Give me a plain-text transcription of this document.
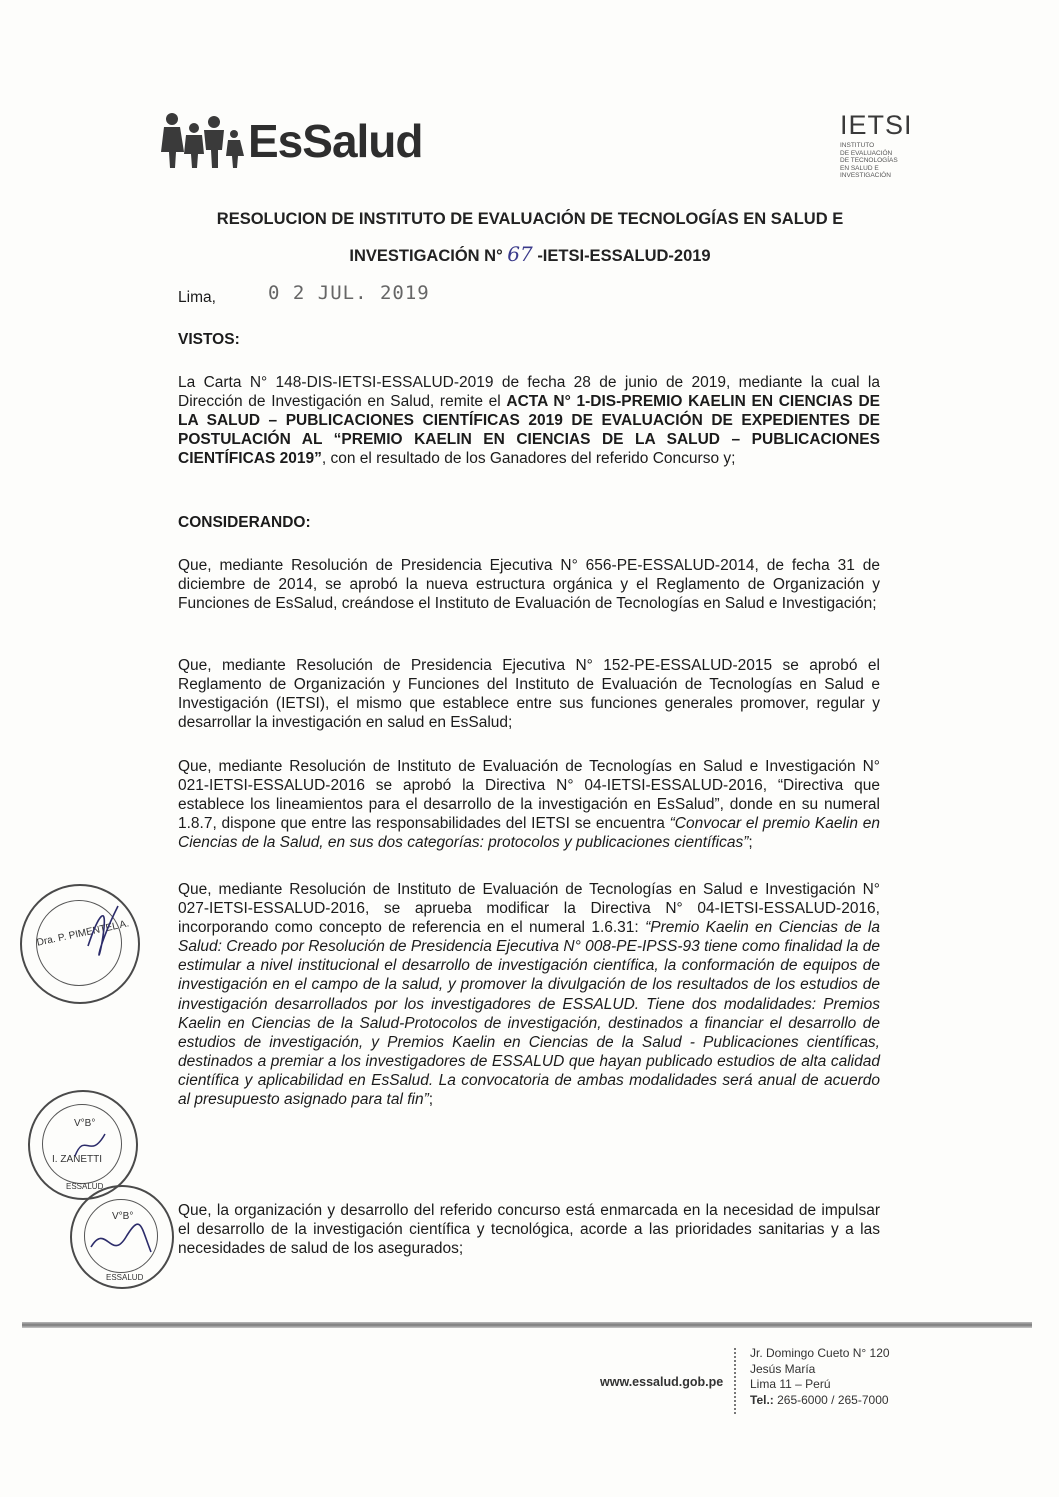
EsSalud	IETSI
INSTITUTO
DE EVALUACIÓN
DE TECNOLOGÍAS
EN SALUD E
INVESTIGACIÓN
RESOLUCION DE INSTITUTO DE EVALUACIÓN DE TECNOLOGÍAS EN SALUD E
INVESTIGACIÓN N° 67 -IETSI-ESSALUD-2019
Lima,	0 2 JUL. 2019
VISTOS:
La Carta N° 148-DIS-IETSI-ESSALUD-2019 de fecha 28 de junio de 2019, mediante la cual la Dirección de Investigación en Salud, remite el ACTA N° 1-DIS-PREMIO KAELIN EN CIENCIAS DE LA SALUD – PUBLICACIONES CIENTÍFICAS 2019 DE EVALUACIÓN DE EXPEDIENTES DE POSTULACIÓN AL “PREMIO KAELIN EN CIENCIAS DE LA SALUD – PUBLICACIONES CIENTÍFICAS 2019”, con el resultado de los Ganadores del referido Concurso y;
CONSIDERANDO:
Que, mediante Resolución de Presidencia Ejecutiva N° 656-PE-ESSALUD-2014, de fecha 31 de diciembre de 2014, se aprobó la nueva estructura orgánica y el Reglamento de Organización y Funciones de EsSalud, creándose el Instituto de Evaluación de Tecnologías en Salud e Investigación;
Que, mediante Resolución de Presidencia Ejecutiva N° 152-PE-ESSALUD-2015 se aprobó el Reglamento de Organización y Funciones del Instituto de Evaluación de Tecnologías en Salud e Investigación (IETSI), el mismo que establece entre sus funciones generales promover, regular y desarrollar la investigación en salud en EsSalud;
Que, mediante Resolución de Instituto de Evaluación de Tecnologías en Salud e Investigación N° 021-IETSI-ESSALUD-2016 se aprobó la Directiva N° 04-IETSI-ESSALUD-2016, “Directiva que establece los lineamientos para el desarrollo de la investigación en EsSalud”, donde en su numeral 1.8.7, dispone que entre las responsabilidades del IETSI se encuentra “Convocar el premio Kaelin en Ciencias de la Salud, en sus dos categorías: protocolos y publicaciones científicas”;
Que, mediante Resolución de Instituto de Evaluación de Tecnologías en Salud e Investigación N° 027-IETSI-ESSALUD-2016, se aprueba modificar la Directiva N° 04-IETSI-ESSALUD-2016, incorporando como concepto de referencia en el numeral 1.6.31: “Premio Kaelin en Ciencias de la Salud: Creado por Resolución de Presidencia Ejecutiva N° 008-PE-IPSS-93 tiene como finalidad la de estimular a nivel institucional el desarrollo de investigación científica, la conformación de equipos de investigación en el campo de la salud, y promover la divulgación de los resultados de los estudios de investigación desarrollados por los investigadores de ESSALUD. Tiene dos modalidades: Premios Kaelin en Ciencias de la Salud-Protocolos de investigación, destinados a financiar el desarrollo de estudios de investigación, y Premios Kaelin en Ciencias de la Salud - Publicaciones científicas, destinados a premiar a los investigadores de ESSALUD que hayan publicado estudios de alta calidad científica y aplicabilidad en EsSalud. La convocatoria de ambas modalidades será anual de acuerdo al presupuesto asignado para tal fin”;
Que, la organización y desarrollo del referido concurso está enmarcada en la necesidad de impulsar el desarrollo de la investigación científica y tecnológica, acorde a las prioridades sanitarias y a las necesidades de salud de los asegurados;
Dra. P. PIMENTEL A.
V°B°
I. ZANETTI
ESSALUD
V°B°
ESSALUD
www.essalud.gob.pe
Jr. Domingo Cueto N° 120
Jesús María
Lima 11 – Perú
Tel.: 265-6000 / 265-7000
